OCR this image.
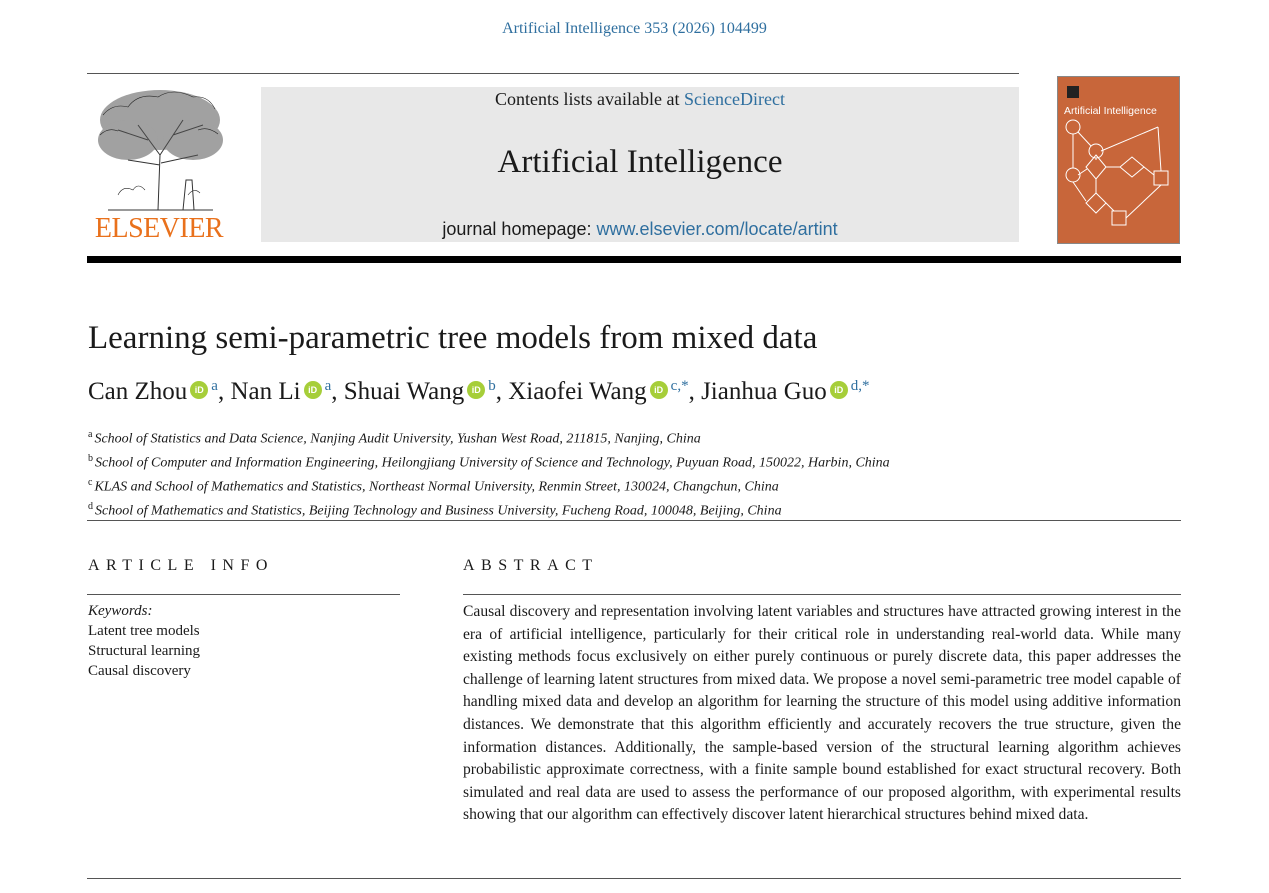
Artificial Intelligence 353 (2026) 104499
ELSEVIER
Contents lists available at ScienceDirect
Artificial Intelligence
journal homepage: www.elsevier.com/locate/artint
Artificial Intelligence
Learning semi-parametric tree models from mixed data
Can Zhou iD $^a$, Nan Li iD $^a$, Shuai Wang iD $^b$, Xiaofei Wang iD $^{c,*}$, Jianhua Guo iD $^{d,*}$
$^a$ School of Statistics and Data Science, Nanjing Audit University, Yushan West Road, 211815, Nanjing, China
$^b$ School of Computer and Information Engineering, Heilongjiang University of Science and Technology, Puyuan Road, 150022, Harbin, China
$^c$ KLAS and School of Mathematics and Statistics, Northeast Normal University, Renmin Street, 130024, Changchun, China
$^d$ School of Mathematics and Statistics, Beijing Technology and Business University, Fucheng Road, 100048, Beijing, China
ARTICLE INFO
Keywords:
Latent tree models
Structural learning
Causal discovery
ABSTRACT
Causal discovery and representation involving latent variables and structures have attracted growing interest in the era of artificial intelligence, particularly for their critical role in understanding real-world data. While many existing methods focus exclusively on either purely continuous or purely discrete data, this paper addresses the challenge of learning latent structures from mixed data. We propose a novel semi-parametric tree model capable of handling mixed data and develop an algorithm for learning the structure of this model using additive information distances. We demonstrate that this algorithm efficiently and accurately recovers the true structure, given the information distances. Additionally, the sample-based version of the structural learning algorithm achieves probabilistic approximate correctness, with a finite sample bound established for exact structural recovery. Both simulated and real data are used to assess the performance of our proposed algorithm, with experimental results showing that our algorithm can effectively discover latent hierarchical structures behind mixed data.
